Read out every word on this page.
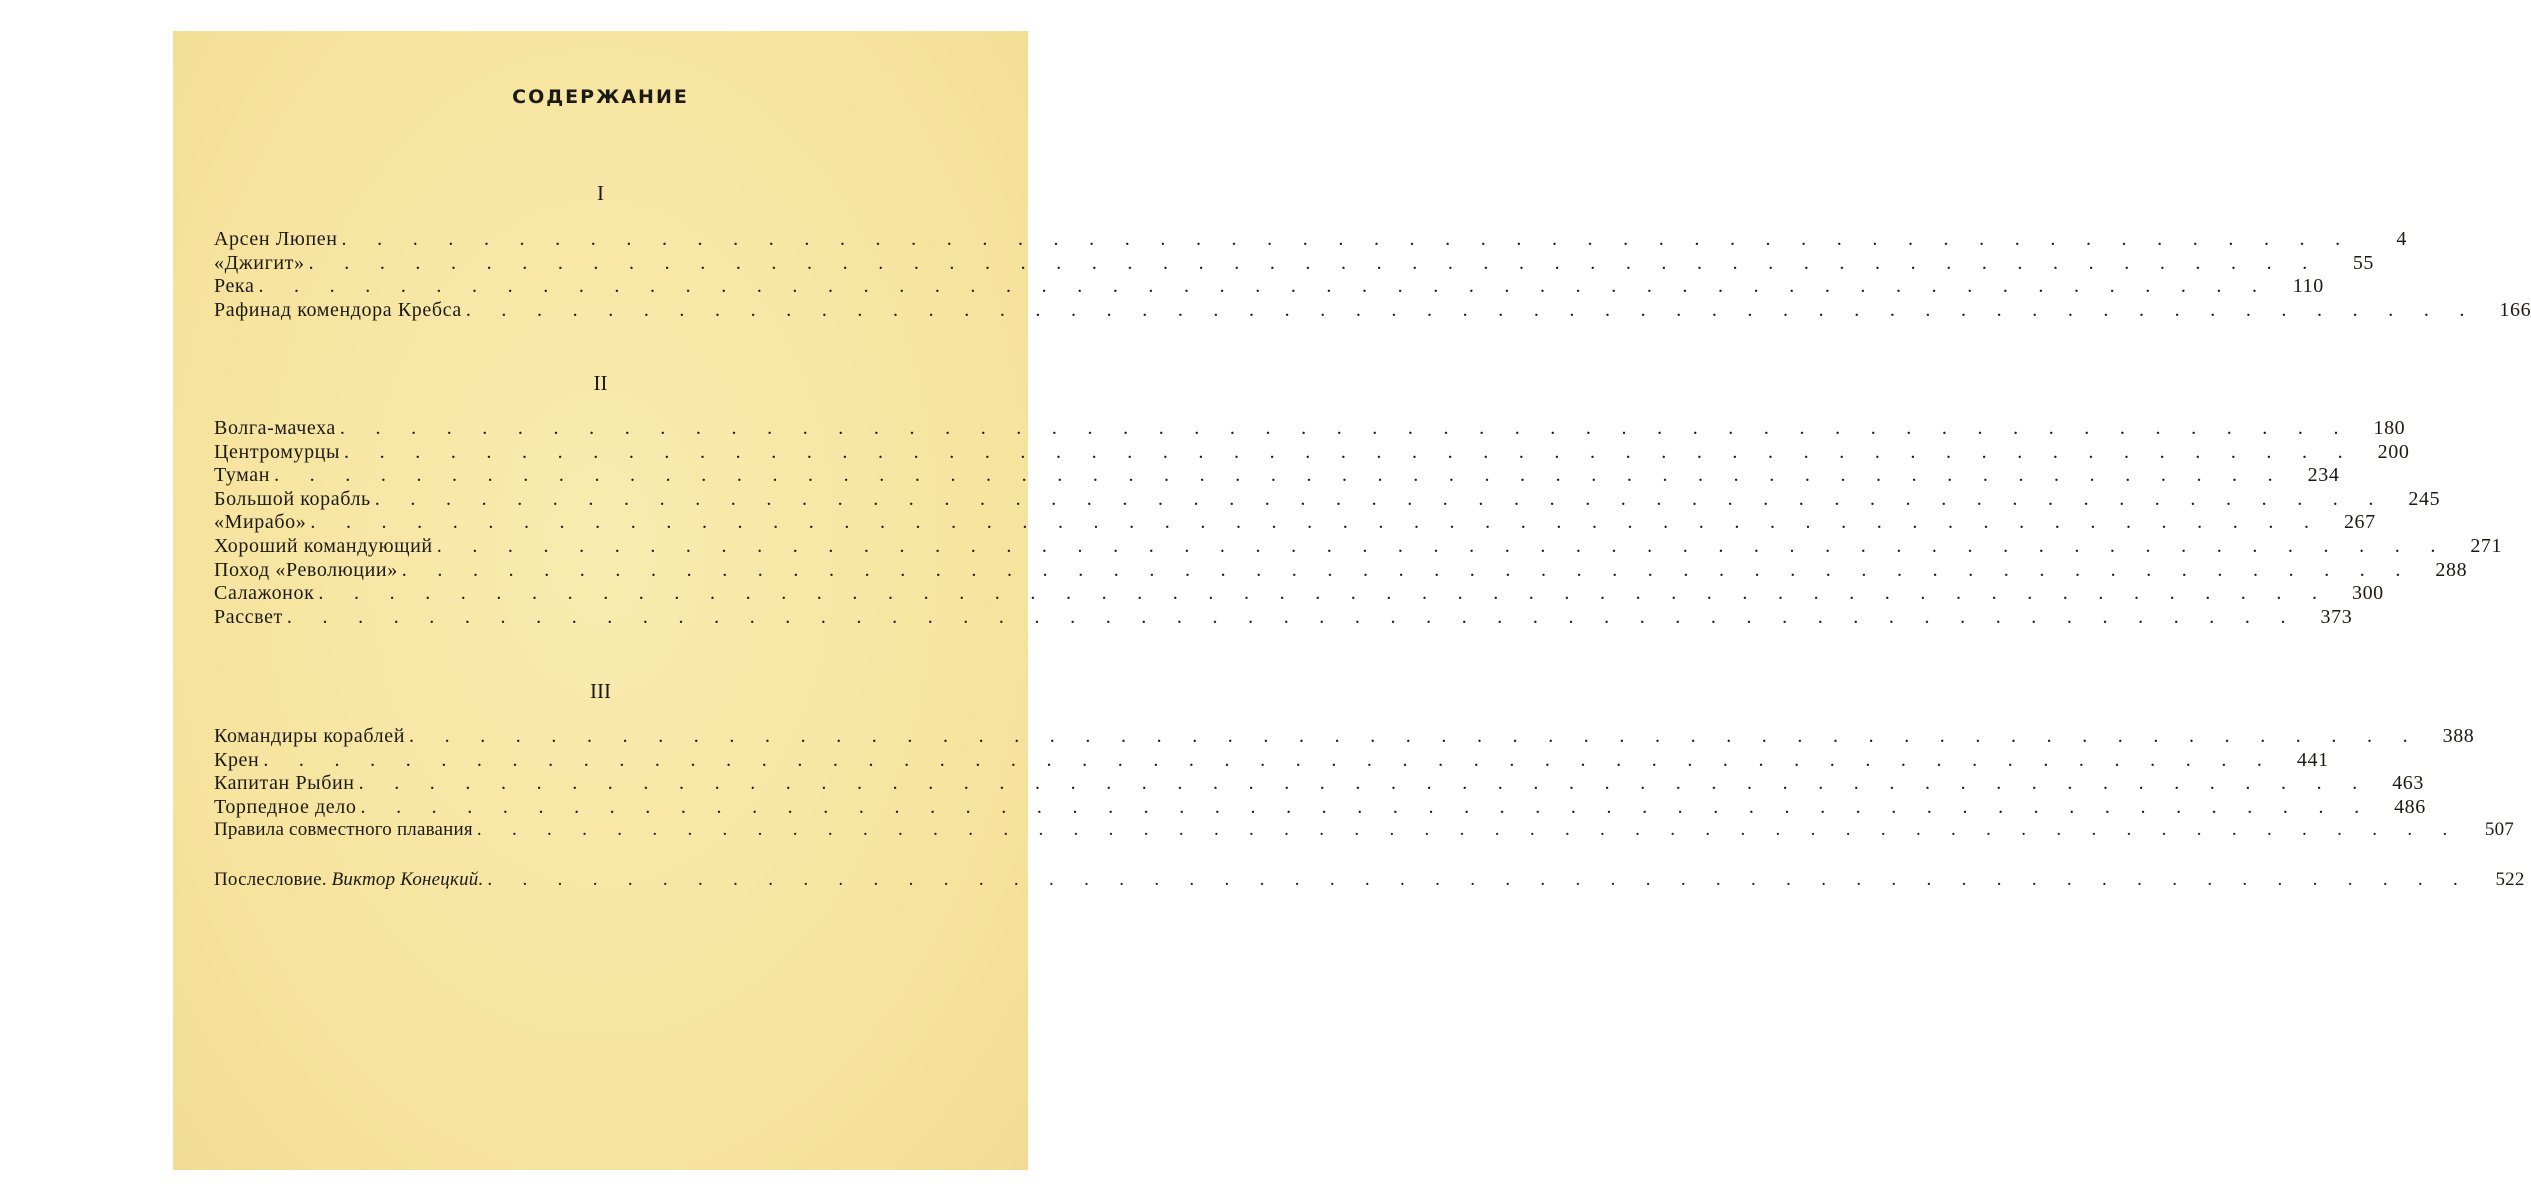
СОДЕРЖАНИЕ
I
Арсен Люпен . . . . . . . . . . . . . . . . . . . . . . . . . . . . . . . . . . . . . . . . . . . . . . . . . . . . . . . . .	4
«Джигит» . . . . . . . . . . . . . . . . . . . . . . . . . . . . . . . . . . . . . . . . . . . . . . . . . . . . . . . . .	55
Река . . . . . . . . . . . . . . . . . . . . . . . . . . . . . . . . . . . . . . . . . . . . . . . . . . . . . . . . .	110
Рафинад комендора Кребса . . . . . . . . . . . . . . . . . . . . . . . . . . . . . . . . . . . . . . . . . . . . . . . . . . . . . . . . .	166
II
Волга-мачеха . . . . . . . . . . . . . . . . . . . . . . . . . . . . . . . . . . . . . . . . . . . . . . . . . . . . . . . . .	180
Центромурцы . . . . . . . . . . . . . . . . . . . . . . . . . . . . . . . . . . . . . . . . . . . . . . . . . . . . . . . . .	200
Туман . . . . . . . . . . . . . . . . . . . . . . . . . . . . . . . . . . . . . . . . . . . . . . . . . . . . . . . . .	234
Большой корабль . . . . . . . . . . . . . . . . . . . . . . . . . . . . . . . . . . . . . . . . . . . . . . . . . . . . . . . . .	245
«Мирабо» . . . . . . . . . . . . . . . . . . . . . . . . . . . . . . . . . . . . . . . . . . . . . . . . . . . . . . . . .	267
Хороший командующий . . . . . . . . . . . . . . . . . . . . . . . . . . . . . . . . . . . . . . . . . . . . . . . . . . . . . . . . .	271
Поход «Революции» . . . . . . . . . . . . . . . . . . . . . . . . . . . . . . . . . . . . . . . . . . . . . . . . . . . . . . . . .	288
Салажонок . . . . . . . . . . . . . . . . . . . . . . . . . . . . . . . . . . . . . . . . . . . . . . . . . . . . . . . . .	300
Рассвет . . . . . . . . . . . . . . . . . . . . . . . . . . . . . . . . . . . . . . . . . . . . . . . . . . . . . . . . .	373
III
Командиры кораблей . . . . . . . . . . . . . . . . . . . . . . . . . . . . . . . . . . . . . . . . . . . . . . . . . . . . . . . . .	388
Крен . . . . . . . . . . . . . . . . . . . . . . . . . . . . . . . . . . . . . . . . . . . . . . . . . . . . . . . . .	441
Капитан Рыбин . . . . . . . . . . . . . . . . . . . . . . . . . . . . . . . . . . . . . . . . . . . . . . . . . . . . . . . . .	463
Торпедное дело . . . . . . . . . . . . . . . . . . . . . . . . . . . . . . . . . . . . . . . . . . . . . . . . . . . . . . . . .	486
Правила совместного плавания . . . . . . . . . . . . . . . . . . . . . . . . . . . . . . . . . . . . . . . . . . . . . . . . . . . . . . . . .	507
Послесловие. Виктор Конецкий. . . . . . . . . . . . . . . . . . . . . . . . . . . . . . . . . . . . . . . . . . . . . . . . . . . . . . . . . .	522
